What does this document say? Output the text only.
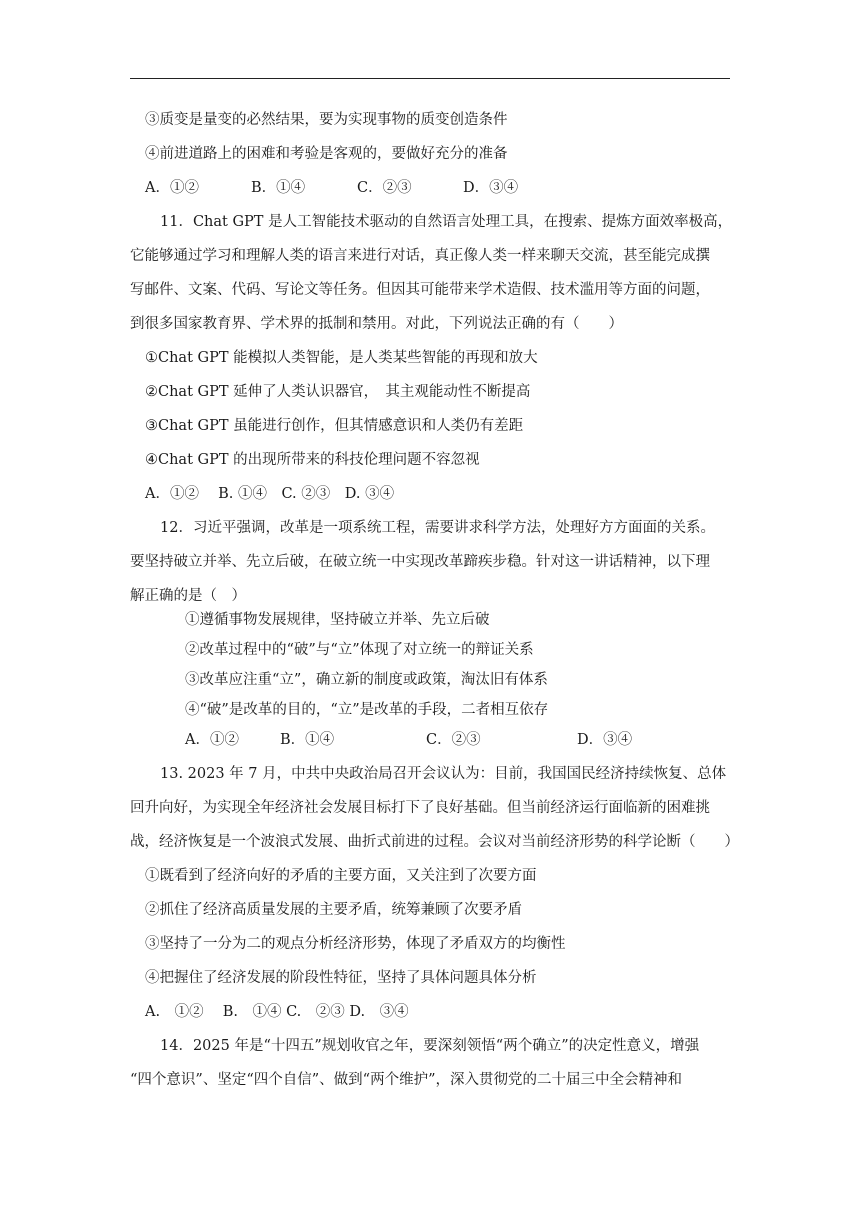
③质变是量变的必然结果，要为实现事物的质变创造条件
④前进道路上的困难和考验是客观的，要做好充分的准备
A．①②	B．①④	C．②③	D．③④
11．Chat GPT 是人工智能技术驱动的自然语言处理工具，在搜索、提炼方面效率极高，
它能够通过学习和理解人类的语言来进行对话，真正像人类一样来聊天交流，甚至能完成撰
写邮件、文案、代码、写论文等任务。但因其可能带来学术造假、技术滥用等方面的问题，
到很多国家教育界、学术界的抵制和禁用。对此，下列说法正确的有（　　）
①Chat GPT 能模拟人类智能，是人类某些智能的再现和放大
②Chat GPT 延伸了人类认识器官，　其主观能动性不断提高
③Chat GPT 虽能进行创作，但其情感意识和人类仍有差距
④Chat GPT 的出现所带来的科技伦理问题不容忽视
A．①②　 B. ①④　C. ②③　D. ③④
12．习近平强调，改革是一项系统工程，需要讲求科学方法，处理好方方面面的关系。
要坚持破立并举、先立后破，在破立统一中实现改革蹄疾步稳。针对这一讲话精神，以下理
解正确的是（　）
①遵循事物发展规律，坚持破立并举、先立后破
②改革过程中的“破”与“立”体现了对立统一的辩证关系
③改革应注重“立”，确立新的制度或政策，淘汰旧有体系
④“破”是改革的目的，“立”是改革的手段，二者相互依存
A．①②	B．①④	C．②③	D．③④
13. 2023 年 7 月，中共中央政治局召开会议认为：目前，我国国民经济持续恢复、总体
回升向好，为实现全年经济社会发展目标打下了良好基础。但当前经济运行面临新的困难挑
战，经济恢复是一个波浪式发展、曲折式前进的过程。会议对当前经济形势的科学论断（　　）
①既看到了经济向好的矛盾的主要方面，又关注到了次要方面
②抓住了经济高质量发展的主要矛盾，统筹兼顾了次要矛盾
③坚持了一分为二的观点分析经济形势，体现了矛盾双方的均衡性
④把握住了经济发展的阶段性特征，坚持了具体问题具体分析
A.　①②　 B.　①④ C.　②③ D.　③④
14．2025 年是“十四五”规划收官之年，要深刻领悟“两个确立”的决定性意义，增强
“四个意识”、坚定“四个自信”、做到“两个维护”，深入贯彻党的二十届三中全会精神和
